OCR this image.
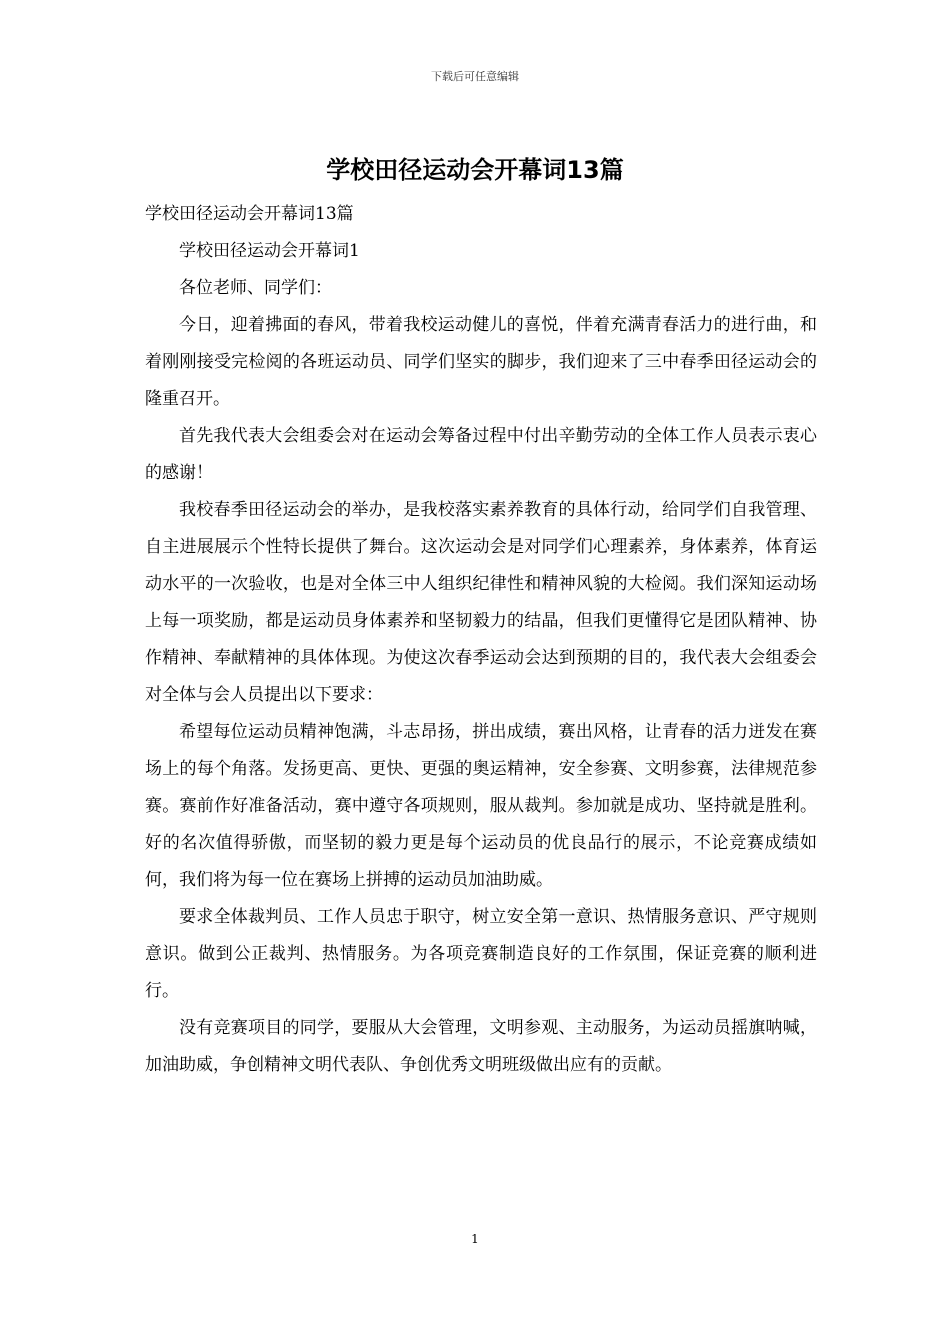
下载后可任意编辑
学校田径运动会开幕词13篇

学校田径运动会开幕词13篇

学校田径运动会开幕词1

各位老师、同学们：

今日，迎着拂面的春风，带着我校运动健儿的喜悦，伴着充满青春活力的进行曲，和着刚刚接受完检阅的各班运动员、同学们坚实的脚步，我们迎来了三中春季田径运动会的隆重召开。

首先我代表大会组委会对在运动会筹备过程中付出辛勤劳动的全体工作人员表示衷心的感谢！

我校春季田径运动会的举办，是我校落实素养教育的具体行动，给同学们自我管理、自主进展展示个性特长提供了舞台。这次运动会是对同学们心理素养，身体素养，体育运动水平的一次验收，也是对全体三中人组织纪律性和精神风貌的大检阅。我们深知运动场上每一项奖励，都是运动员身体素养和坚韧毅力的结晶，但我们更懂得它是团队精神、协作精神、奉献精神的具体体现。为使这次春季运动会达到预期的目的，我代表大会组委会对全体与会人员提出以下要求：

希望每位运动员精神饱满，斗志昂扬，拼出成绩，赛出风格，让青春的活力迸发在赛场上的每个角落。发扬更高、更快、更强的奥运精神，安全参赛、文明参赛，法律规范参赛。赛前作好准备活动，赛中遵守各项规则，服从裁判。参加就是成功、坚持就是胜利。好的名次值得骄傲，而坚韧的毅力更是每个运动员的优良品行的展示，不论竞赛成绩如何，我们将为每一位在赛场上拼搏的运动员加油助威。

要求全体裁判员、工作人员忠于职守，树立安全第一意识、热情服务意识、严守规则意识。做到公正裁判、热情服务。为各项竞赛制造良好的工作氛围，保证竞赛的顺利进行。

没有竞赛项目的同学，要服从大会管理，文明参观、主动服务，为运动员摇旗呐喊，加油助威，争创精神文明代表队、争创优秀文明班级做出应有的贡献。

1
